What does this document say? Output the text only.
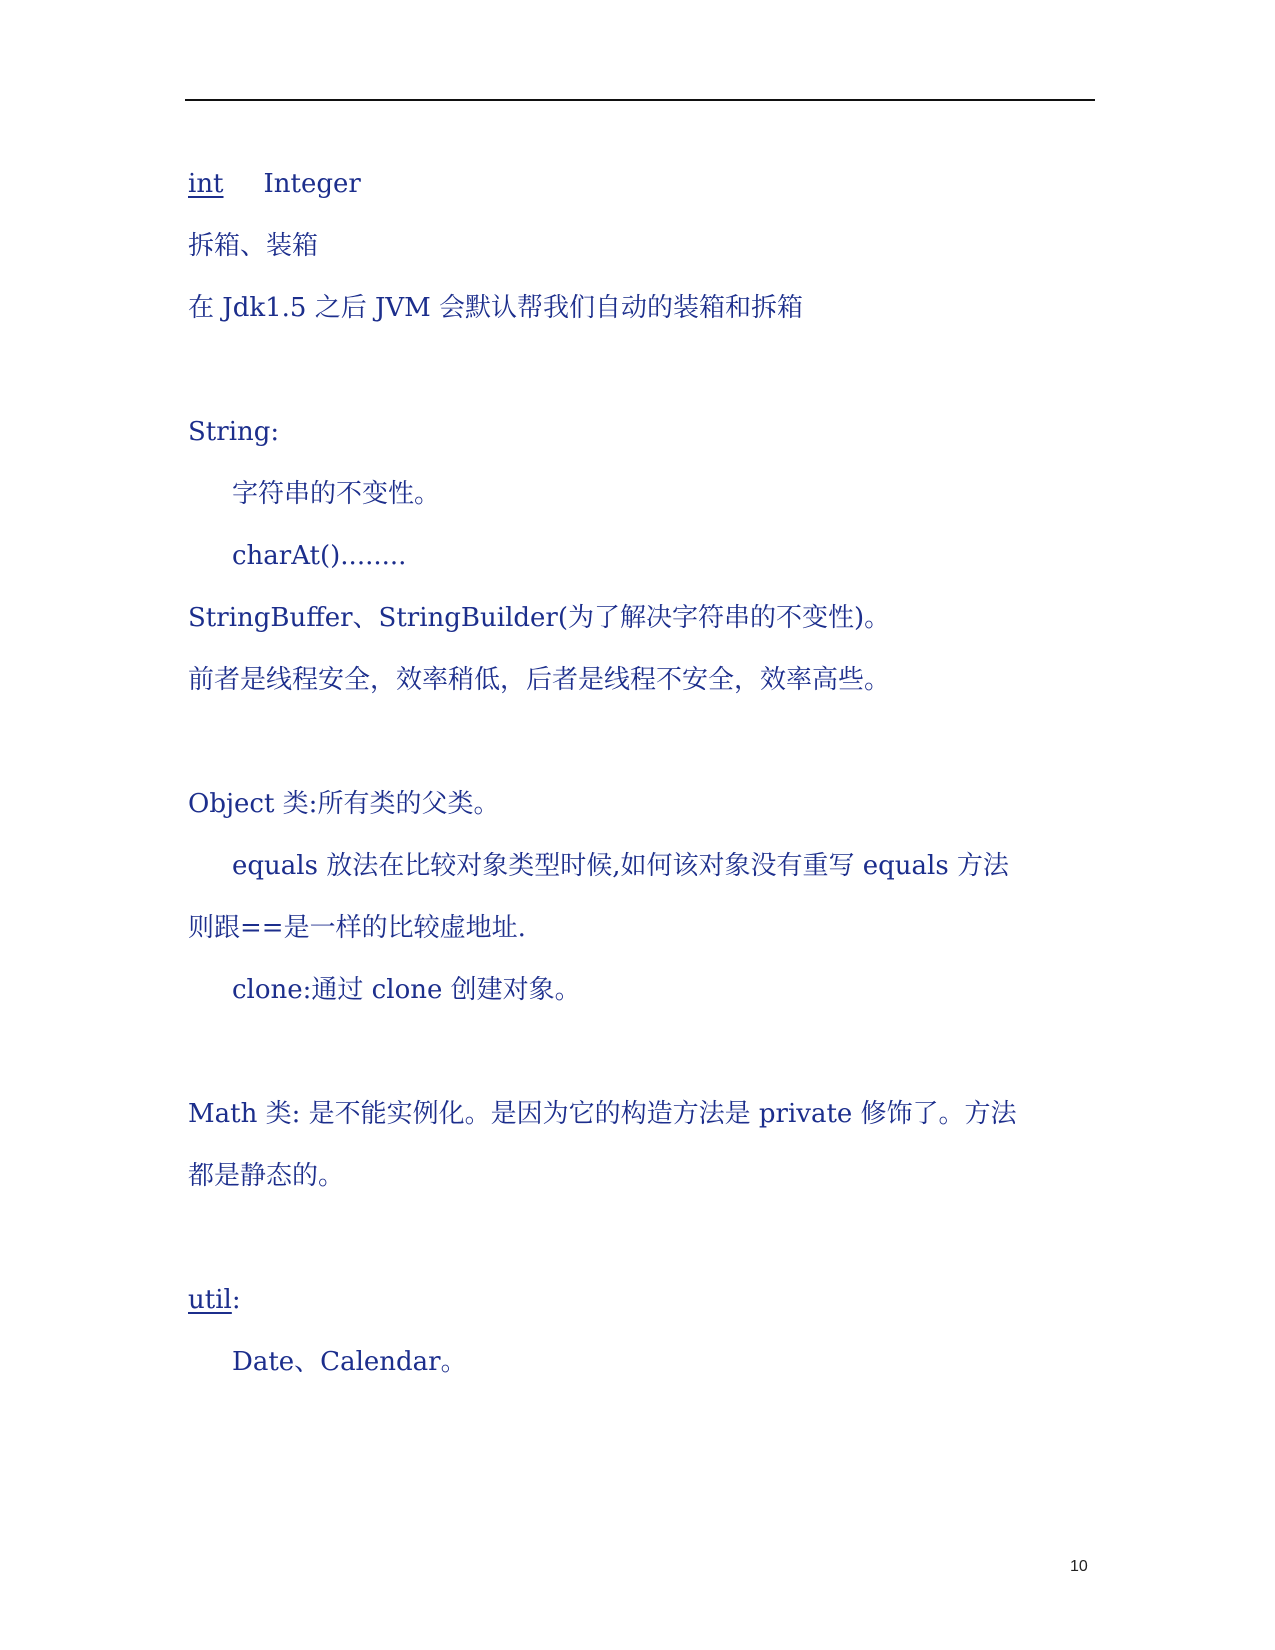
int Integer
拆箱、装箱
在 Jdk1.5 之后 JVM 会默认帮我们自动的装箱和拆箱
String:
字符串的不变性。
charAt()........
StringBuffer、StringBuilder(为了解决字符串的不变性)。
前者是线程安全，效率稍低，后者是线程不安全，效率高些。
Object 类:所有类的父类。
equals 放法在比较对象类型时候,如何该对象没有重写 equals 方法
则跟==是一样的比较虚地址.
clone:通过 clone 创建对象。
Math 类: 是不能实例化。是因为它的构造方法是 private 修饰了。方法
都是静态的。
util:
Date、Calendar。
10
